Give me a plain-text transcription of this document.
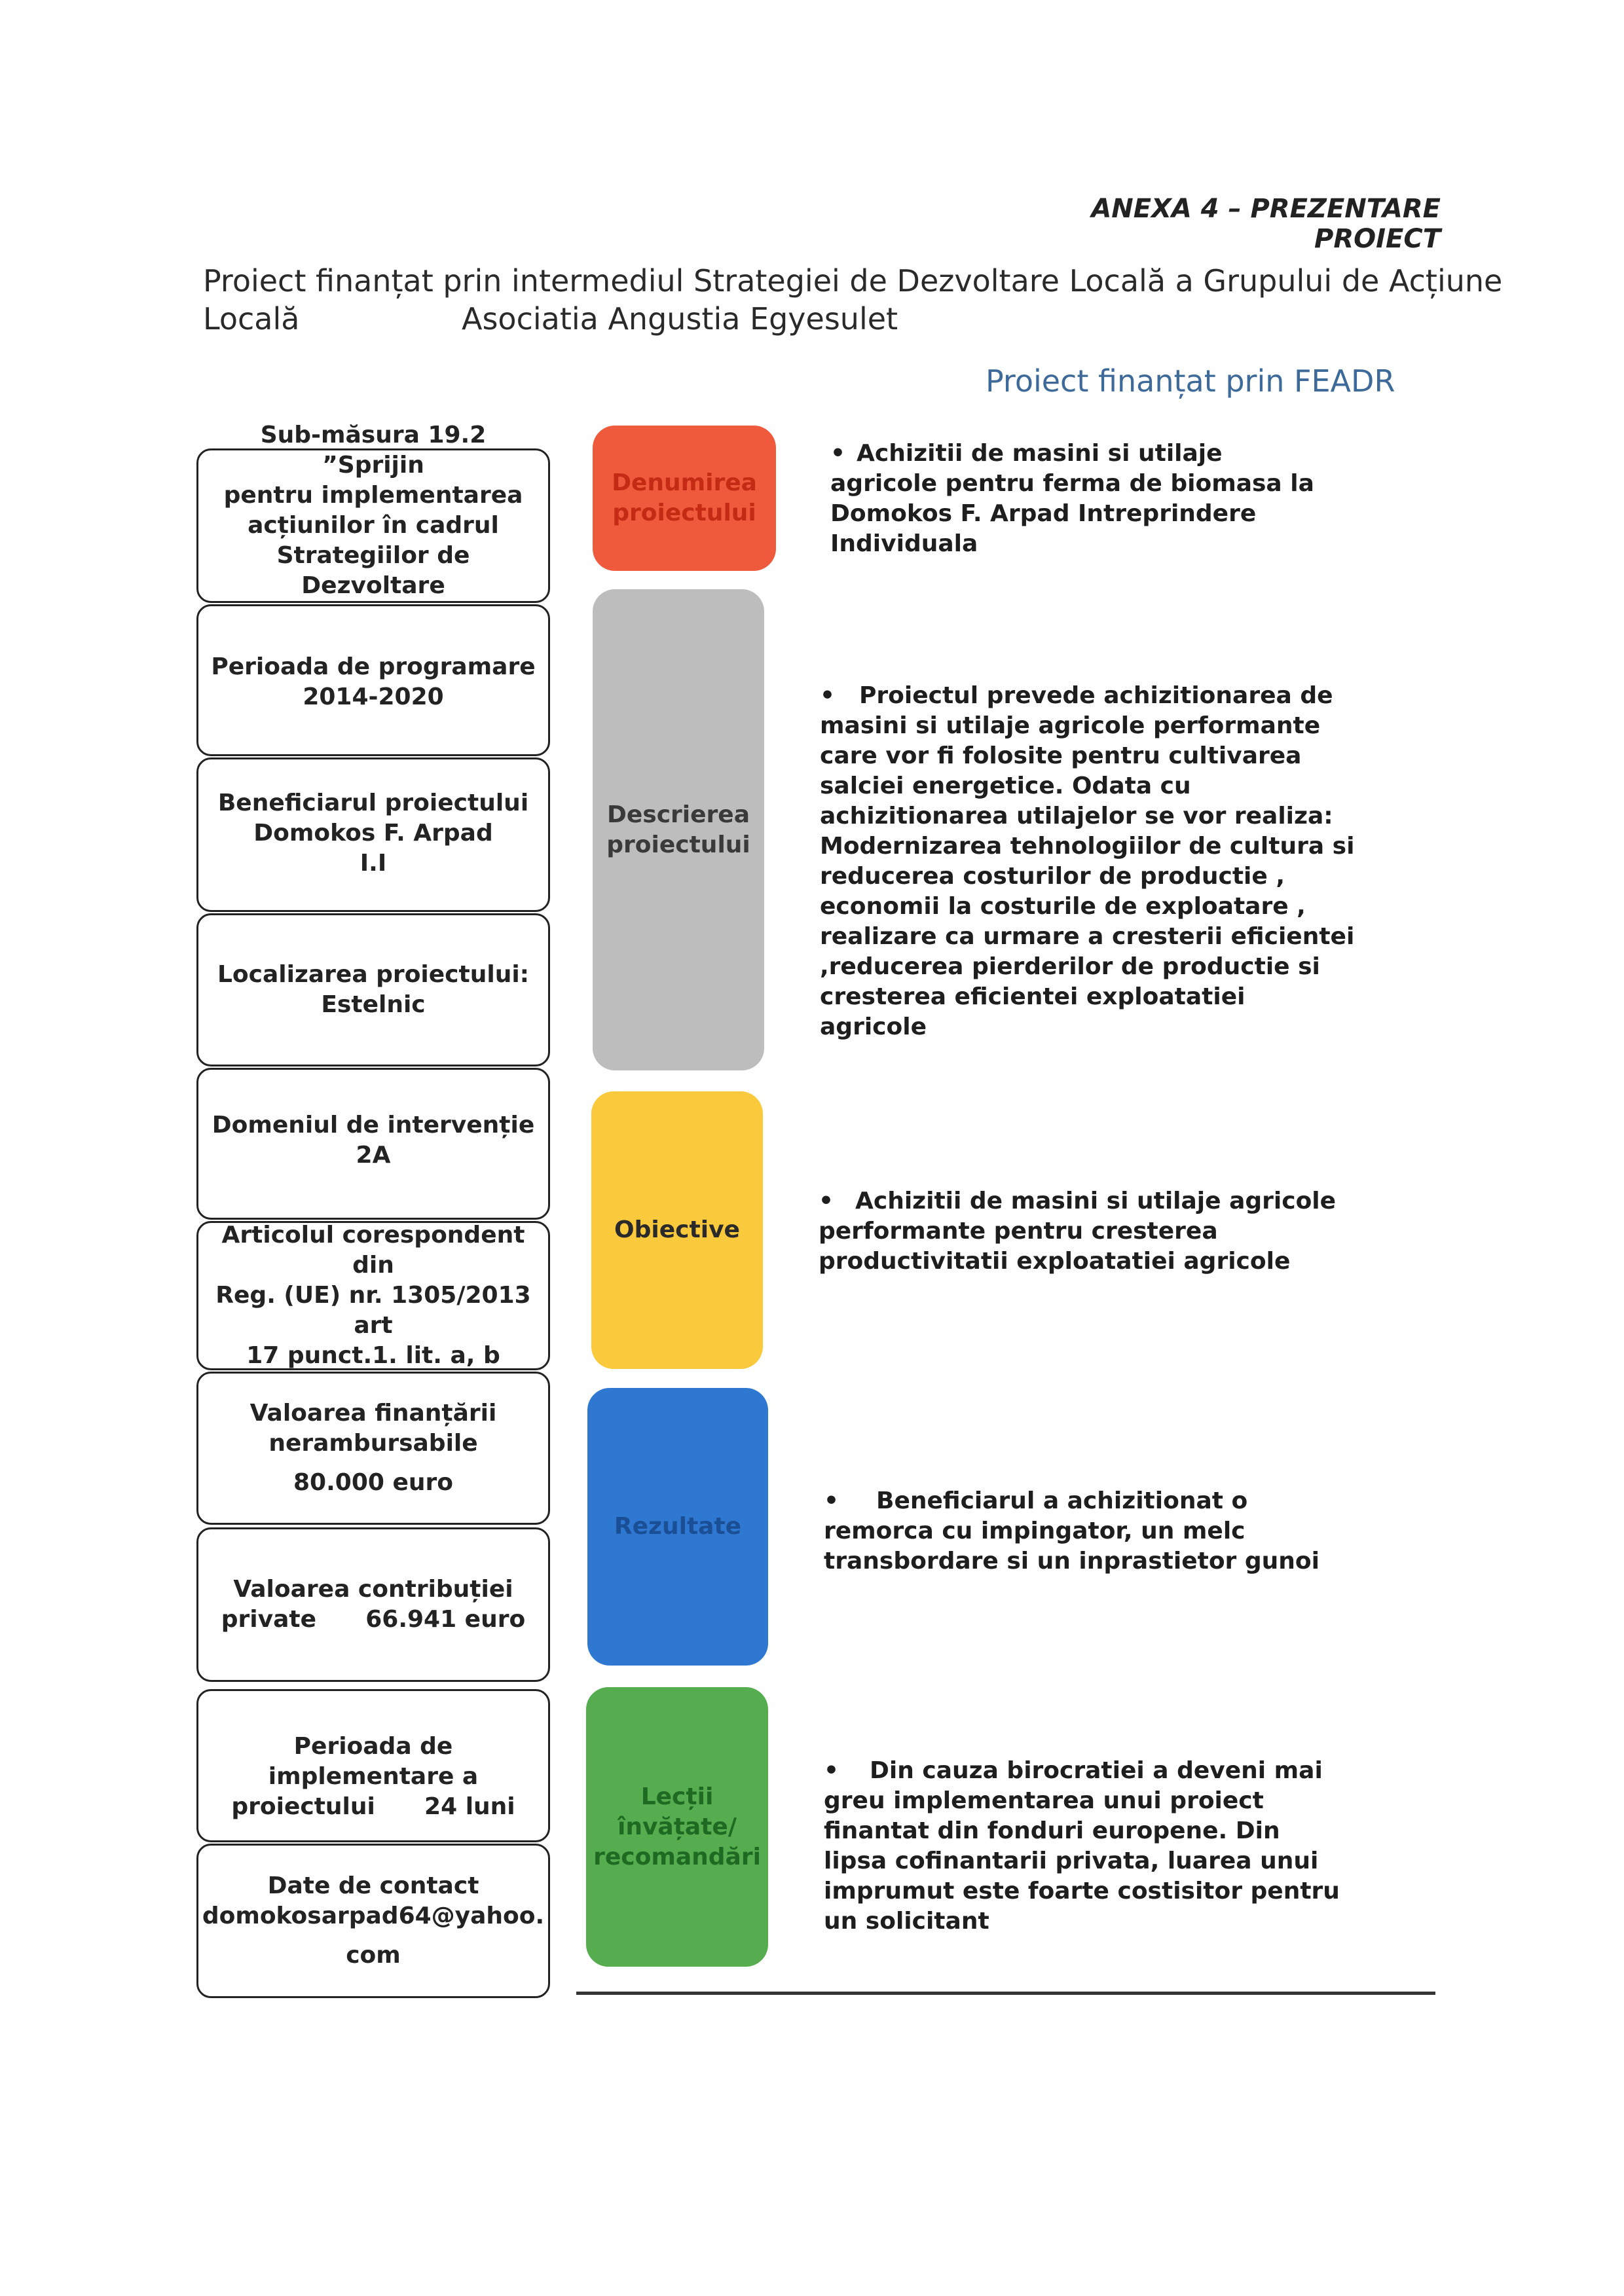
ANEXA 4 – PREZENTARE PROIECT
Proiect finanțat prin intermediul Strategiei de Dezvoltare Locală a Grupului de Acțiune
Locală	Asociatia Angustia Egyesulet
Proiect finanțat prin FEADR
Sub-măsura 19.2 ”Sprijin
pentru implementarea
acțiunilor în cadrul
Strategiilor de Dezvoltare
Perioada de programare
2014-2020
Beneficiarul proiectului
Domokos F. Arpad
I.I
Localizarea proiectului:
Estelnic
Domeniul de intervenție
2A
Articolul corespondent din
Reg. (UE) nr. 1305/2013 art
17 punct.1. lit. a, b
Valoarea finanțării
nerambursabile
80.000 euro
Valoarea contribuției
private      66.941 euro
Perioada de implementare a
proiectului      24 luni
Date de contact
domokosarpad64@yahoo.
com
Denumirea
proiectului
Descrierea
proiectului
Obiective
Rezultate
Lecții
învățate/
recomandări
• Achizitii de masini si utilaje agricole pentru ferma de biomasa la Domokos F. Arpad Intreprindere Individuala
• Proiectul prevede achizitionarea de masini si utilaje agricole performante care vor fi folosite pentru cultivarea salciei energetice. Odata cu achizitionarea utilajelor se vor realiza: Modernizarea tehnologiilor de cultura si reducerea costurilor de productie , economii la costurile de exploatare , realizare ca urmare a cresterii eficientei ,reducerea pierderilor de productie si cresterea eficientei exploatatiei agricole
• Achizitii de masini si utilaje agricole performante pentru cresterea productivitatii exploatatiei agricole
• Beneficiarul a achizitionat o remorca cu impingator, un melc transbordare si un inprastietor gunoi
• Din cauza birocratiei a deveni mai greu implementarea unui proiect finantat din fonduri europene. Din lipsa cofinantarii privata, luarea unui imprumut este foarte costisitor pentru un solicitant
